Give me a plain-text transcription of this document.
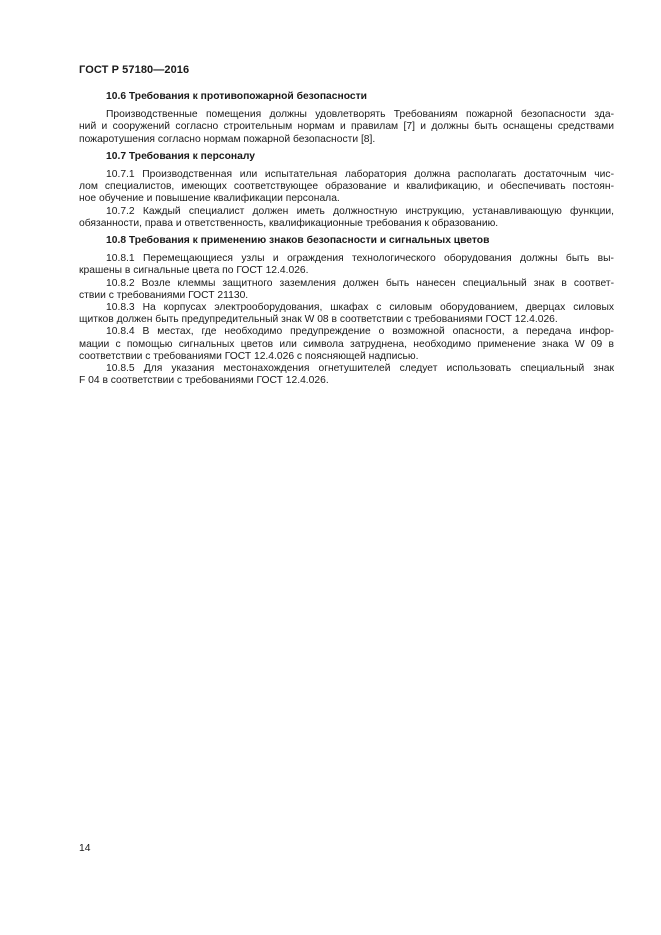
ГОСТ Р 57180—2016
10.6 Требования к противопожарной безопасности

Производственные помещения должны удовлетворять Требованиям пожарной безопасности зда-
ний и сооружений согласно строительным нормам и правилам [7] и должны быть оснащены средствами
пожаротушения согласно нормам пожарной безопасности [8].

10.7 Требования к персоналу

10.7.1 Производственная или испытательная лаборатория должна располагать достаточным чис-
лом специалистов, имеющих соответствующее образование и квалификацию, и обеспечивать постоян-
ное обучение и повышение квалификации персонала.

10.7.2 Каждый специалист должен иметь должностную инструкцию, устанавливающую функции,
обязанности, права и ответственность, квалификационные требования к образованию.

10.8 Требования к применению знаков безопасности и сигнальных цветов

10.8.1 Перемещающиеся узлы и ограждения технологического оборудования должны быть вы-
крашены в сигнальные цвета по ГОСТ 12.4.026.

10.8.2 Возле клеммы защитного заземления должен быть нанесен специальный знак в соответ-
ствии с требованиями ГОСТ 21130.

10.8.3 На корпусах электрооборудования, шкафах с силовым оборудованием, дверцах силовых
щитков должен быть предупредительный знак W 08 в соответствии с требованиями ГОСТ 12.4.026.

10.8.4 В местах, где необходимо предупреждение о возможной опасности, а передача инфор-
мации с помощью сигнальных цветов или символа затруднена, необходимо применение знака W 09 в
соответствии с требованиями ГОСТ 12.4.026 с поясняющей надписью.

10.8.5 Для указания местонахождения огнетушителей следует использовать специальный знак
F 04 в соответствии с требованиями ГОСТ 12.4.026.

14
